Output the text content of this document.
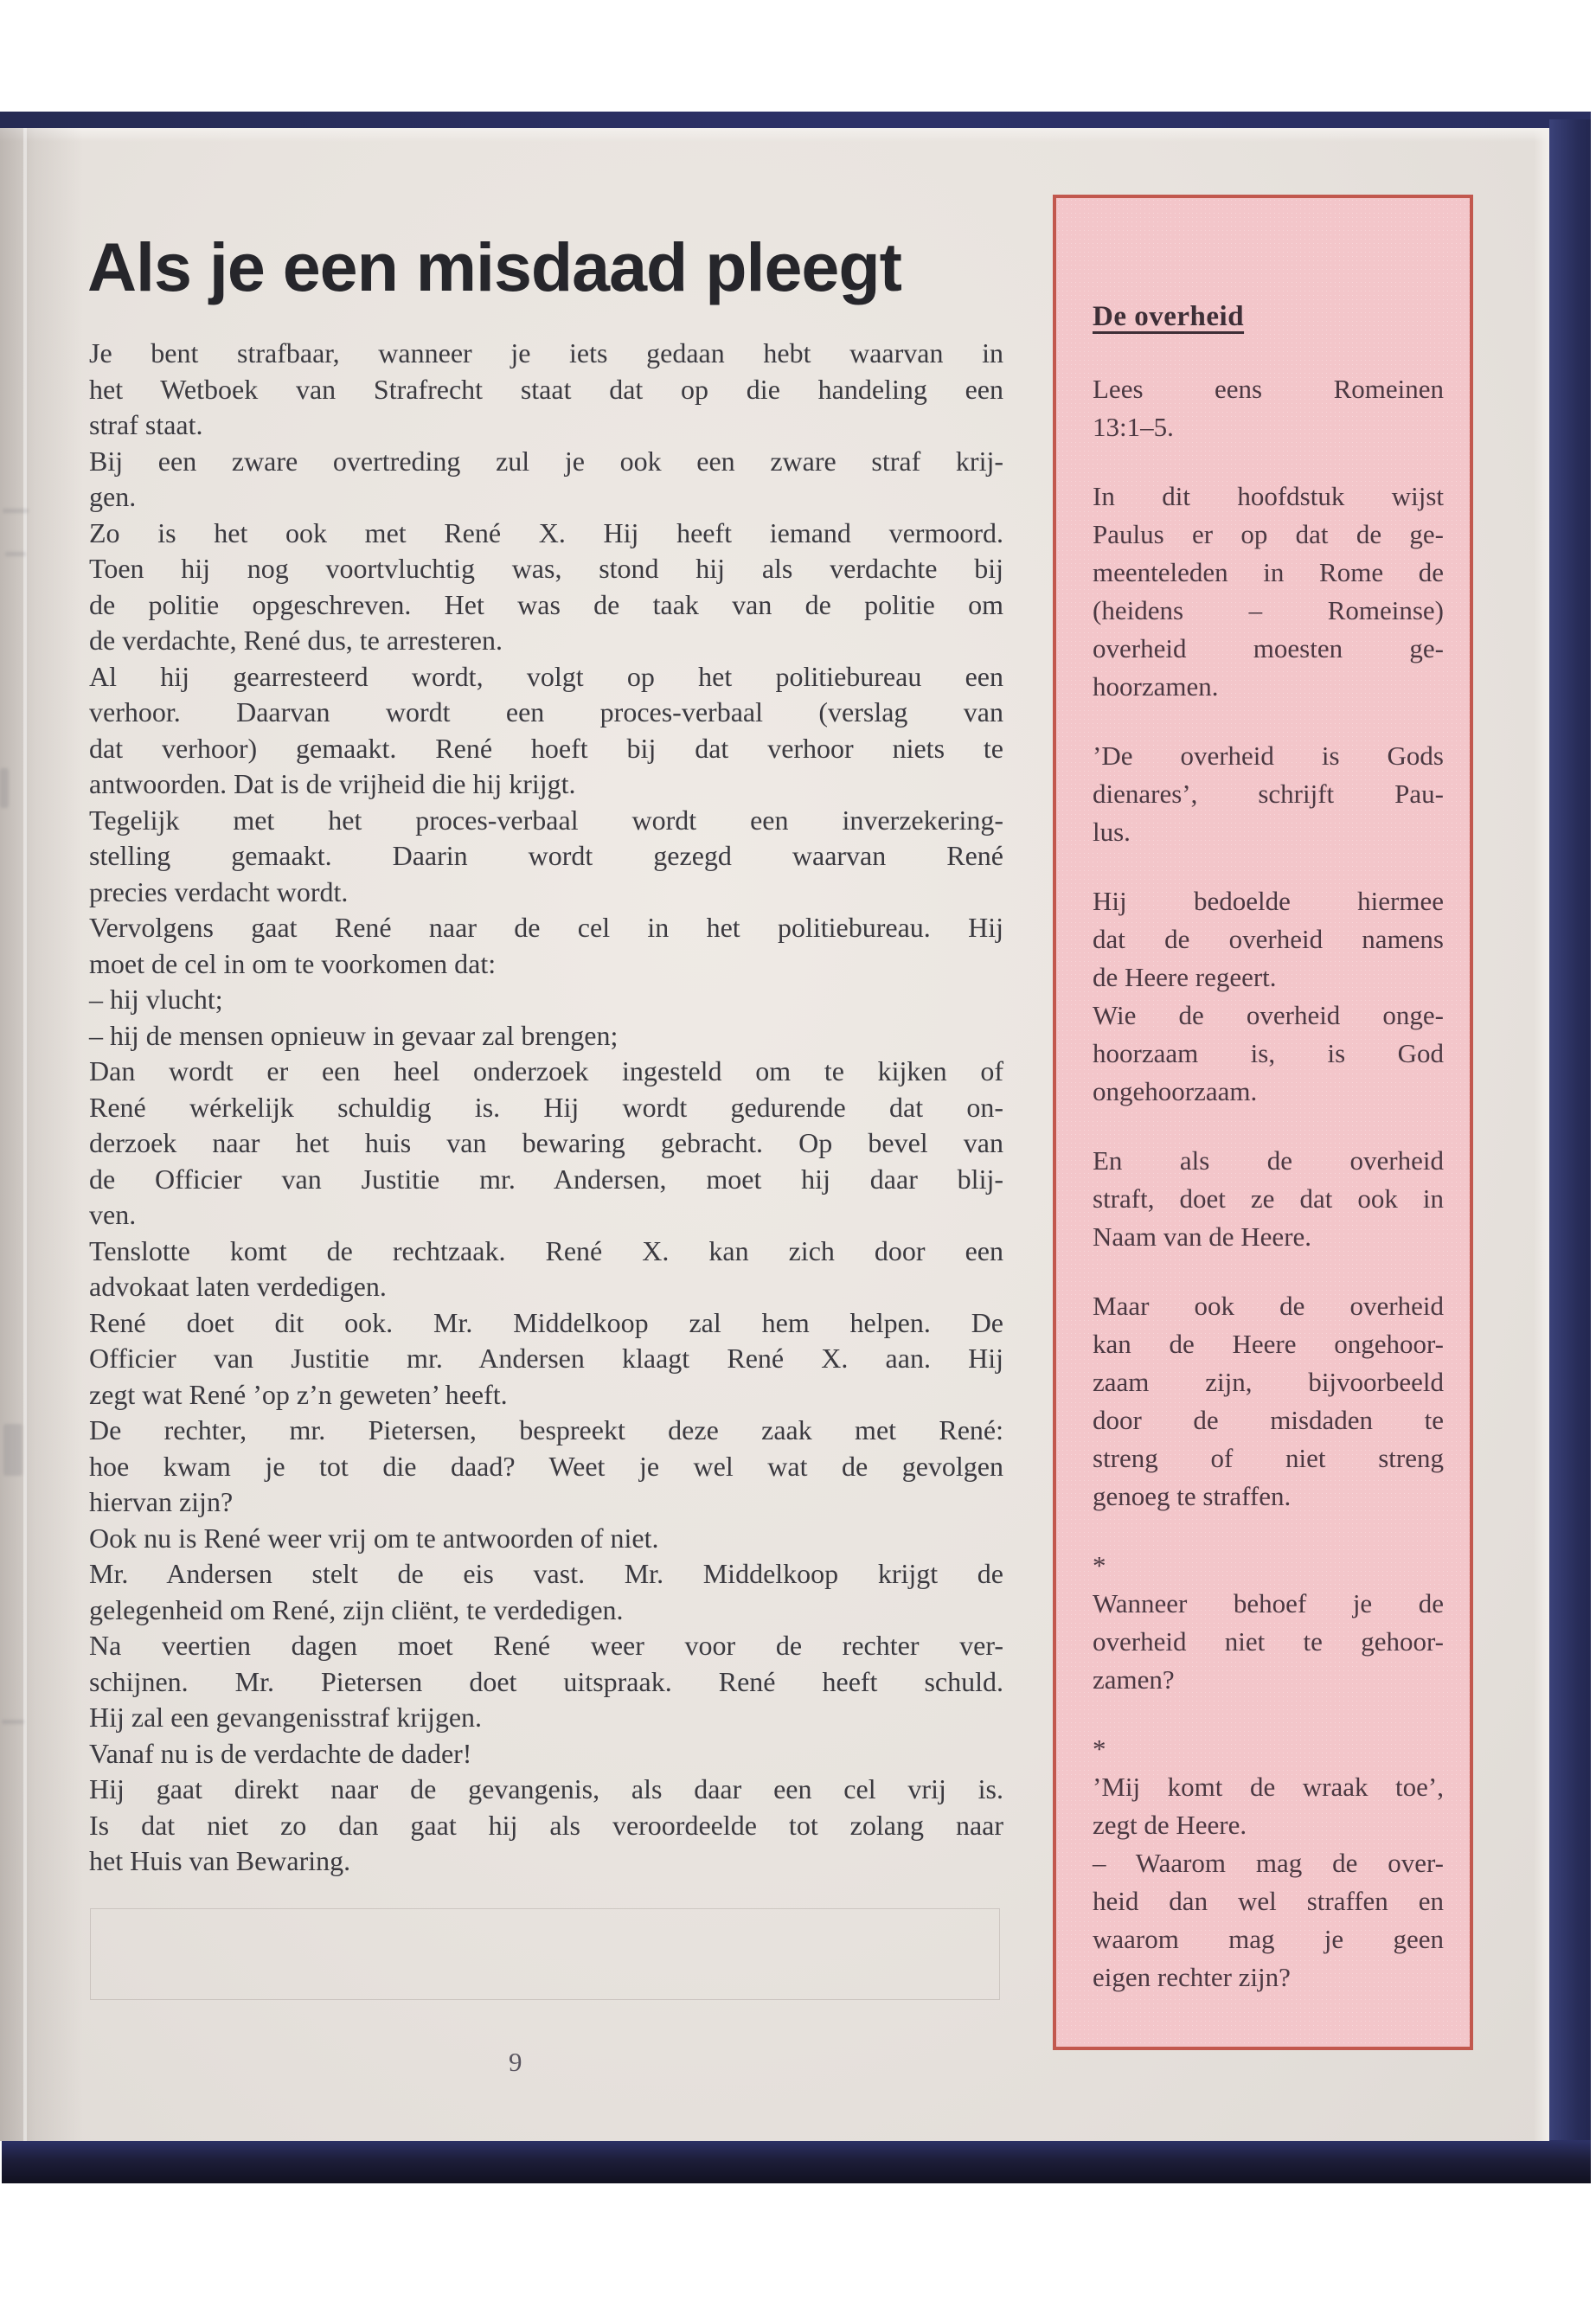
Als je een misdaad pleegt
Je bent strafbaar, wanneer je iets gedaan hebt waarvan in
het Wetboek van Strafrecht staat dat op die handeling een
straf staat.
Bij een zware overtreding zul je ook een zware straf krij-
gen.
Zo is het ook met René X. Hij heeft iemand vermoord.
Toen hij nog voortvluchtig was, stond hij als verdachte bij
de politie opgeschreven. Het was de taak van de politie om
de verdachte, René dus, te arresteren.
Al hij gearresteerd wordt, volgt op het politiebureau een
verhoor. Daarvan wordt een proces-verbaal (verslag van
dat verhoor) gemaakt. René hoeft bij dat verhoor niets te
antwoorden. Dat is de vrijheid die hij krijgt.
Tegelijk met het proces-verbaal wordt een inverzekering-
stelling gemaakt. Daarin wordt gezegd waarvan René
precies verdacht wordt.
Vervolgens gaat René naar de cel in het politiebureau. Hij
moet de cel in om te voorkomen dat:
– hij vlucht;
– hij de mensen opnieuw in gevaar zal brengen;
Dan wordt er een heel onderzoek ingesteld om te kijken of
René wérkelijk schuldig is. Hij wordt gedurende dat on-
derzoek naar het huis van bewaring gebracht. Op bevel van
de Officier van Justitie mr. Andersen, moet hij daar blij-
ven.
Tenslotte komt de rechtzaak. René X. kan zich door een
advokaat laten verdedigen.
René doet dit ook. Mr. Middelkoop zal hem helpen. De
Officier van Justitie mr. Andersen klaagt René X. aan. Hij
zegt wat René ’op z’n geweten’ heeft.
De rechter, mr. Pietersen, bespreekt deze zaak met René:
hoe kwam je tot die daad? Weet je wel wat de gevolgen
hiervan zijn?
Ook nu is René weer vrij om te antwoorden of niet.
Mr. Andersen stelt de eis vast. Mr. Middelkoop krijgt de
gelegenheid om René, zijn cliënt, te verdedigen.
Na veertien dagen moet René weer voor de rechter ver-
schijnen. Mr. Pietersen doet uitspraak. René heeft schuld.
Hij zal een gevangenisstraf krijgen.
Vanaf nu is de verdachte de dader!
Hij gaat direkt naar de gevangenis, als daar een cel vrij is.
Is dat niet zo dan gaat hij als veroordeelde tot zolang naar
het Huis van Bewaring.
De overheid
Lees eens Romeinen
13:1–5.
In dit hoofdstuk wijst
Paulus er op dat de ge-
meenteleden in Rome de
(heidens – Romeinse)
overheid moesten ge-
hoorzamen.
’De overheid is Gods
dienares’, schrijft Pau-
lus.
Hij bedoelde hiermee
dat de overheid namens
de Heere regeert.
Wie de overheid onge-
hoorzaam is, is God
ongehoorzaam.
En als de overheid
straft, doet ze dat ook in
Naam van de Heere.
Maar ook de overheid
kan de Heere ongehoor-
zaam zijn, bijvoorbeeld
door de misdaden te
streng of niet streng
genoeg te straffen.
*
Wanneer behoef je de
overheid niet te gehoor-
zamen?
*
’Mij komt de wraak toe’,
zegt de Heere.
– Waarom mag de over-
heid dan wel straffen en
waarom mag je geen
eigen rechter zijn?
9
